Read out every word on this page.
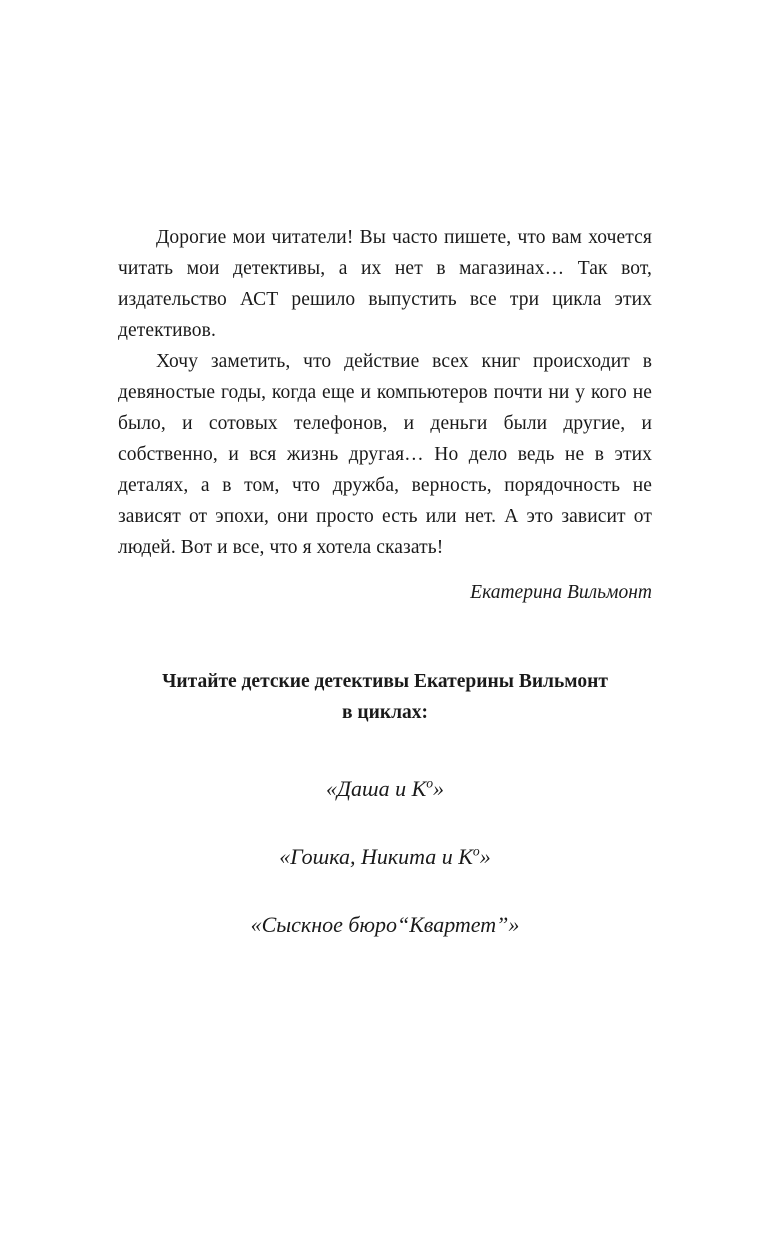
Дорогие мои читатели! Вы часто пишете, что вам хочется читать мои детективы, а их нет в магазинах… Так вот, издательство АСТ решило выпустить все три цикла этих детективов.

Хочу заметить, что действие всех книг происходит в девяностые годы, когда еще и компьютеров почти ни у кого не было, и сотовых телефонов, и деньги были другие, и собственно, и вся жизнь другая… Но дело ведь не в этих деталях, а в том, что дружба, верность, порядочность не зависят от эпохи, они просто есть или нет. А это зависит от людей. Вот и все, что я хотела сказать!

Екатерина Вильмонт
Читайте детские детективы Екатерины Вильмонт
в циклах:
«Даша и $К^о$»
«Гошка, Никита и $К^о$»
«Сыскное бюро“Квартет”»
